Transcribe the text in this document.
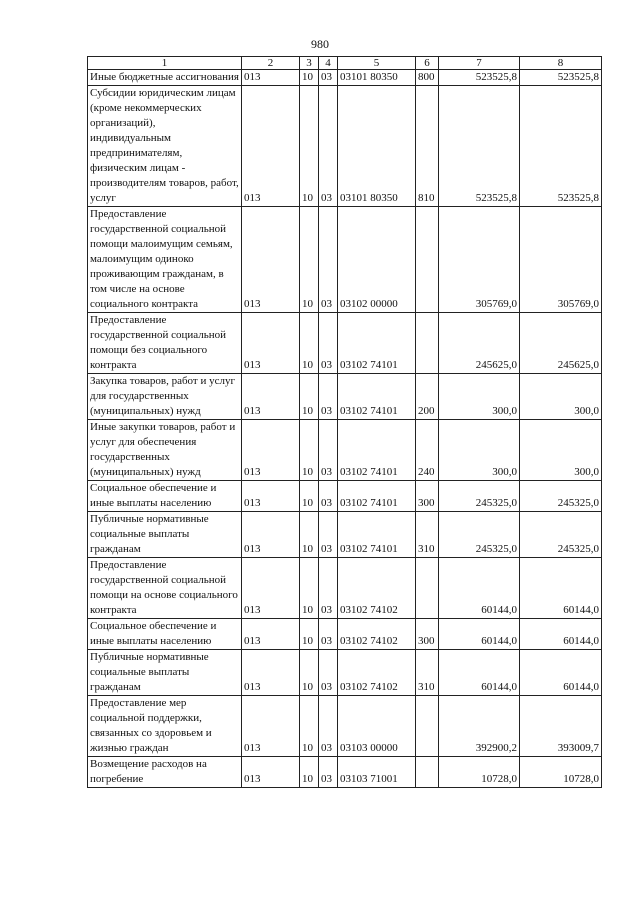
980
1	2	3	4	5	6	7	8
Иные бюджетные ассигнования	013	10	03	03101 80350	800	523525,8	523525,8
Субсидии юридическим лицам (кроме некоммерческих организаций), индивидуальным предпринимателям, физическим лицам - производителям товаров, работ, услуг	013	10	03	03101 80350	810	523525,8	523525,8
Предоставление государственной социальной помощи малоимущим семьям, малоимущим одиноко проживающим гражданам, в том числе на основе социального контракта	013	10	03	03102 00000		305769,0	305769,0
Предоставление государственной социальной помощи без социального контракта	013	10	03	03102 74101		245625,0	245625,0
Закупка товаров, работ и услуг для государственных (муниципальных) нужд	013	10	03	03102 74101	200	300,0	300,0
Иные закупки товаров, работ и услуг для обеспечения государственных (муниципальных) нужд	013	10	03	03102 74101	240	300,0	300,0
Социальное обеспечение и иные выплаты населению	013	10	03	03102 74101	300	245325,0	245325,0
Публичные нормативные социальные выплаты гражданам	013	10	03	03102 74101	310	245325,0	245325,0
Предоставление государственной социальной помощи на основе социального контракта	013	10	03	03102 74102		60144,0	60144,0
Социальное обеспечение и иные выплаты населению	013	10	03	03102 74102	300	60144,0	60144,0
Публичные нормативные социальные выплаты гражданам	013	10	03	03102 74102	310	60144,0	60144,0
Предоставление мер социальной поддержки, связанных со здоровьем и жизнью граждан	013	10	03	03103 00000		392900,2	393009,7
Возмещение расходов на погребение	013	10	03	03103 71001		10728,0	10728,0
